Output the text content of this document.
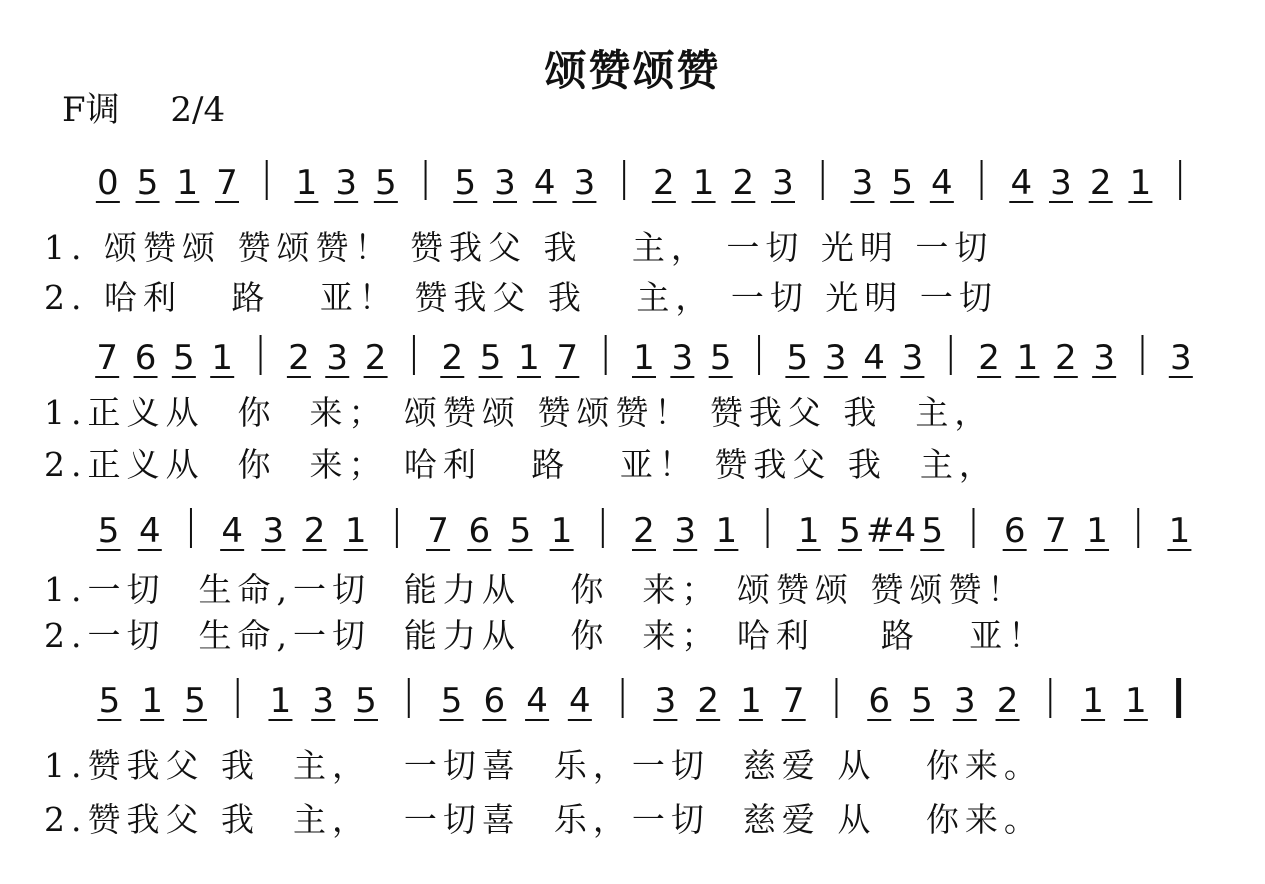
颂赞颂赞
F调 2/4
0 5 1 7 1 3 5 5 3 4 3 2 1 2 3 3 5 4 4 3 2 1
1. 颂赞颂 赞颂赞！ 赞我父 我   主， 一切 光明 一切
2. 哈利   路   亚！ 赞我父 我   主， 一切 光明 一切
7 6 5 1 2 3 2 2 5 1 7 1 3 5 5 3 4 3 2 1 2 3 3
1.正义从  你  来； 颂赞颂 赞颂赞！ 赞我父 我  主，
2.正义从  你  来； 哈利   路   亚！ 赞我父 我  主，
5 4 4 3 2 1 7 6 5 1 2 3 1 1 5 #4 5 6 7 1 1
1.一切  生命,一切  能力从   你  来； 颂赞颂 赞颂赞！
2.一切  生命,一切  能力从   你  来； 哈利    路   亚！
5 1 5 1 3 5 5 6 4 4 3 2 1 7 6 5 3 2 1 1
1.赞我父 我  主，  一切喜  乐，一切  慈爱 从   你来。
2.赞我父 我  主，  一切喜  乐，一切  慈爱 从   你来。
